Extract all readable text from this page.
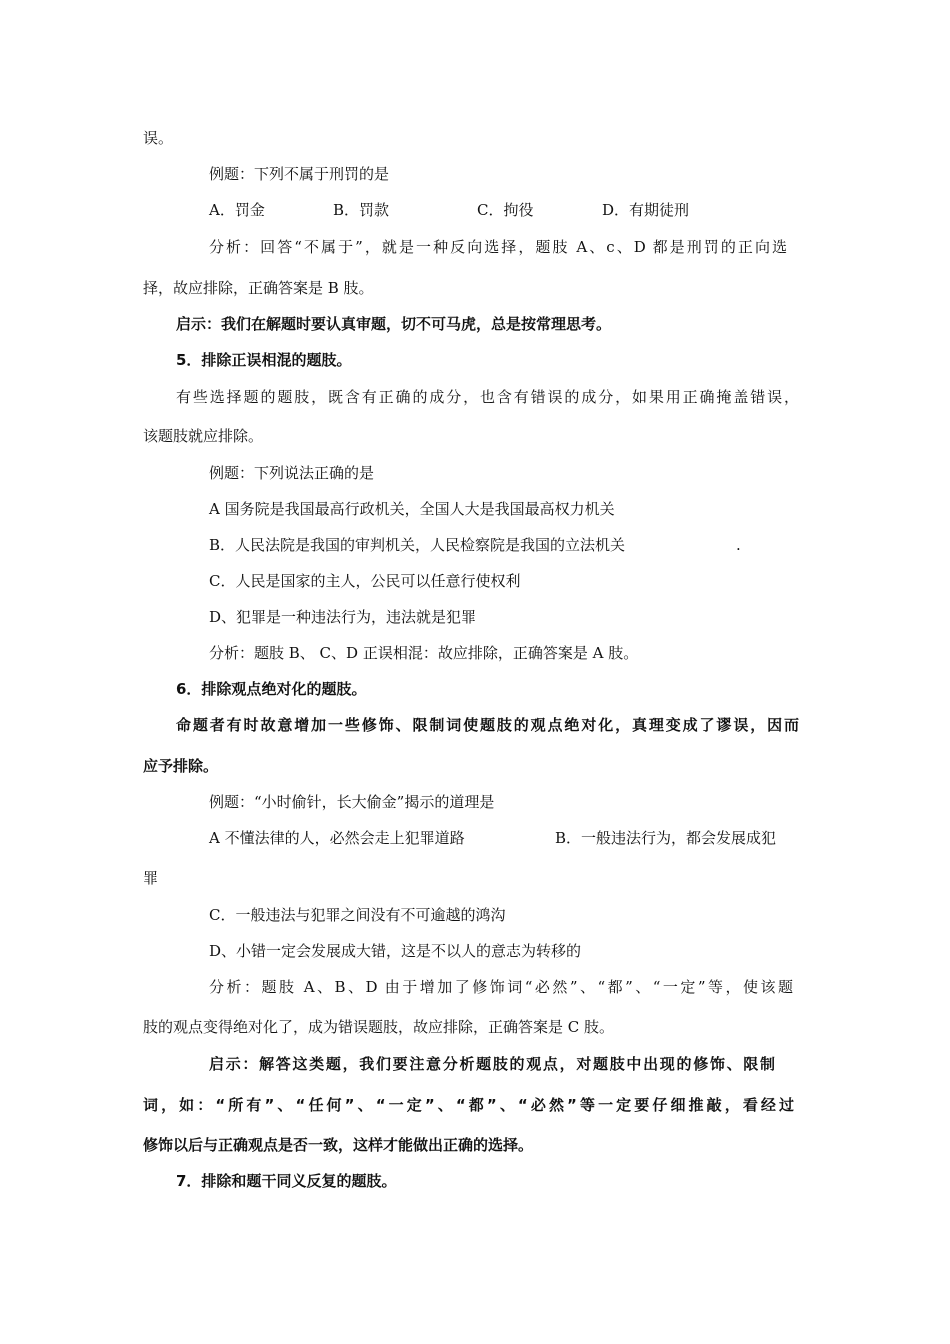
误。
例题：下列不属于刑罚的是
A．罚金	B．罚款	C．拘役	D．有期徒刑
分析：回答“不属于”，就是一种反向选择，题肢 A、c、D 都是刑罚的正向选
择，故应排除，正确答案是 B 肢。
启示：我们在解题时要认真审题，切不可马虎，总是按常理思考。
5．排除正误相混的题肢。
有些选择题的题肢，既含有正确的成分，也含有错误的成分，如果用正确掩盖错误，
该题肢就应排除。
例题：下列说法正确的是
A 国务院是我国最高行政机关，全国人大是我国最高权力机关
B．人民法院是我国的审判机关，人民检察院是我国的立法机关	.
C．人民是国家的主人，公民可以任意行使权利
D、犯罪是一种违法行为，违法就是犯罪
分析：题肢 B、 C、D 正误相混：故应排除，正确答案是 A 肢。
6．排除观点绝对化的题肢。
命题者有时故意增加一些修饰、限制词使题肢的观点绝对化，真理变成了谬误，因而
应予排除。
例题：“小时偷针，长大偷金”揭示的道理是
A 不懂法律的人，必然会走上犯罪道路	B．一般违法行为，都会发展成犯
罪
C．一般违法与犯罪之间没有不可逾越的鸿沟
D、小错一定会发展成大错，这是不以人的意志为转移的
分析：题肢 A、B、D 由于增加了修饰词“必然”、“都”、“一定”等，使该题
肢的观点变得绝对化了，成为错误题肢，故应排除，正确答案是 C 肢。
启示：解答这类题，我们要注意分析题肢的观点，对题肢中出现的修饰、限制
词，如：“所有”、“任何”、“一定”、“都”、“必然”等一定要仔细推敲，看经过
修饰以后与正确观点是否一致，这样才能做出正确的选择。
7．排除和题干同义反复的题肢。
